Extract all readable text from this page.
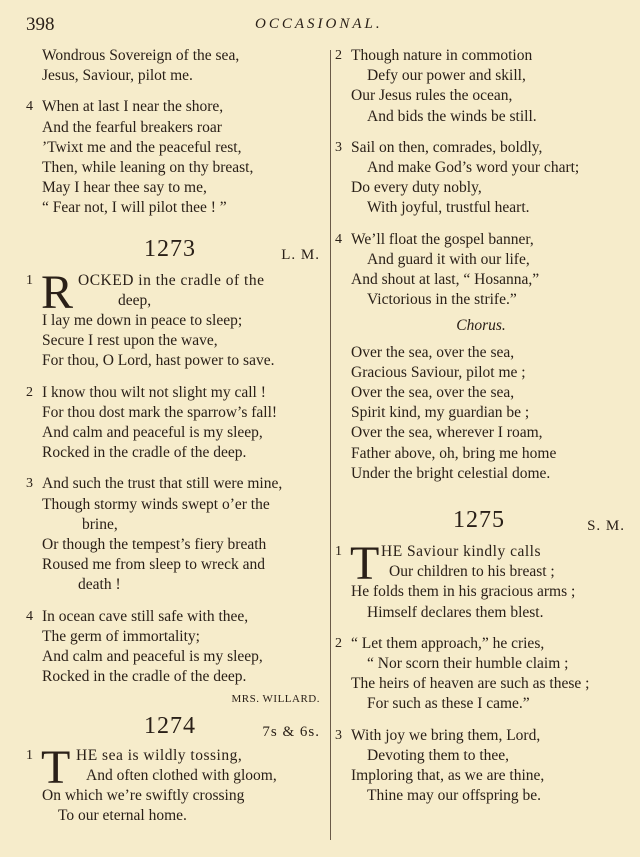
398	OCCASIONAL.
Wondrous Sovereign of the sea,
Jesus, Saviour, pilot me.
4 When at last I near the shore,
And the fearful breakers roar
’Twixt me and the peaceful rest,
Then, while leaning on thy breast,
May I hear thee say to me,
“ Fear not, I will pilot thee ! ”
1273	L. M.
1 R OCKED in the cradle of the
deep,
I lay me down in peace to sleep;
Secure I rest upon the wave,
For thou, O Lord, hast power to save.
2 I know thou wilt not slight my call !
For thou dost mark the sparrow’s fall!
And calm and peaceful is my sleep,
Rocked in the cradle of the deep.
3 And such the trust that still were mine,
Though stormy winds swept o’er the
brine,
Or though the tempest’s fiery breath
Roused me from sleep to wreck and
death !
4 In ocean cave still safe with thee,
The germ of immortality;
And calm and peaceful is my sleep,
Rocked in the cradle of the deep.
MRS. WILLARD.
1274	7s & 6s.
1 T HE sea is wildly tossing,
And often clothed with gloom,
On which we’re swiftly crossing
To our eternal home.
2 Though nature in commotion
Defy our power and skill,
Our Jesus rules the ocean,
And bids the winds be still.
3 Sail on then, comrades, boldly,
And make God’s word your chart;
Do every duty nobly,
With joyful, trustful heart.
4 We’ll float the gospel banner,
And guard it with our life,
And shout at last, “ Hosanna,”
Victorious in the strife.”
Chorus.
Over the sea, over the sea,
Gracious Saviour, pilot me ;
Over the sea, over the sea,
Spirit kind, my guardian be ;
Over the sea, wherever I roam,
Father above, oh, bring me home
Under the bright celestial dome.
1275	S. M.
1 T HE Saviour kindly calls
Our children to his breast ;
He folds them in his gracious arms ;
Himself declares them blest.
2 “ Let them approach,” he cries,
“ Nor scorn their humble claim ;
The heirs of heaven are such as these ;
For such as these I came.”
3 With joy we bring them, Lord,
Devoting them to thee,
Imploring that, as we are thine,
Thine may our offspring be.
